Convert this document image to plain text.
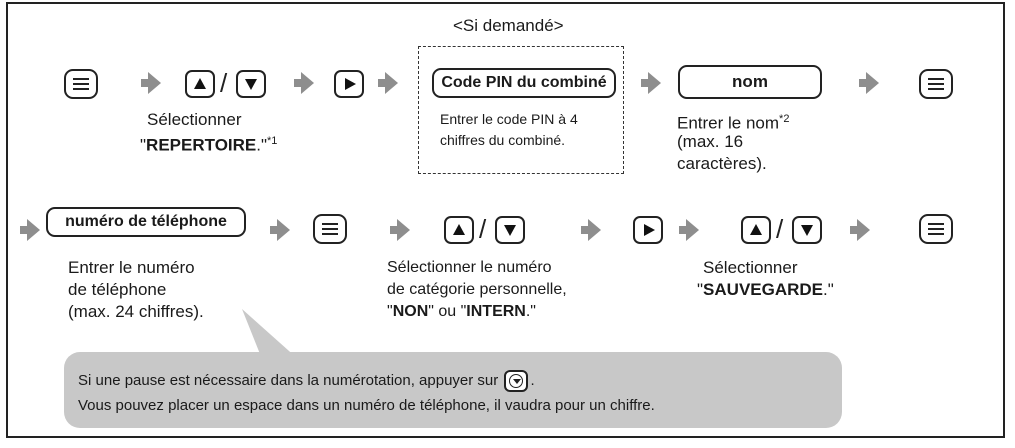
<Si demandé>
/	Code PIN du combiné
Entrer le code PIN à 4
chiffres du combiné.
nom
Entrer le nom$^{*2}$
(max. 16
caractères).
Sélectionner
"REPERTOIRE."$^{*1}$
numéro de téléphone	/	/
Entrer le numéro
de téléphone
(max. 24 chiffres).
Sélectionner le numéro
de catégorie personnelle,
"NON" ou "INTERN."
Sélectionner
"SAUVEGARDE."
Si une pause est nécessaire dans la numérotation, appuyer sur .
Vous pouvez placer un espace dans un numéro de téléphone, il vaudra pour un chiffre.
